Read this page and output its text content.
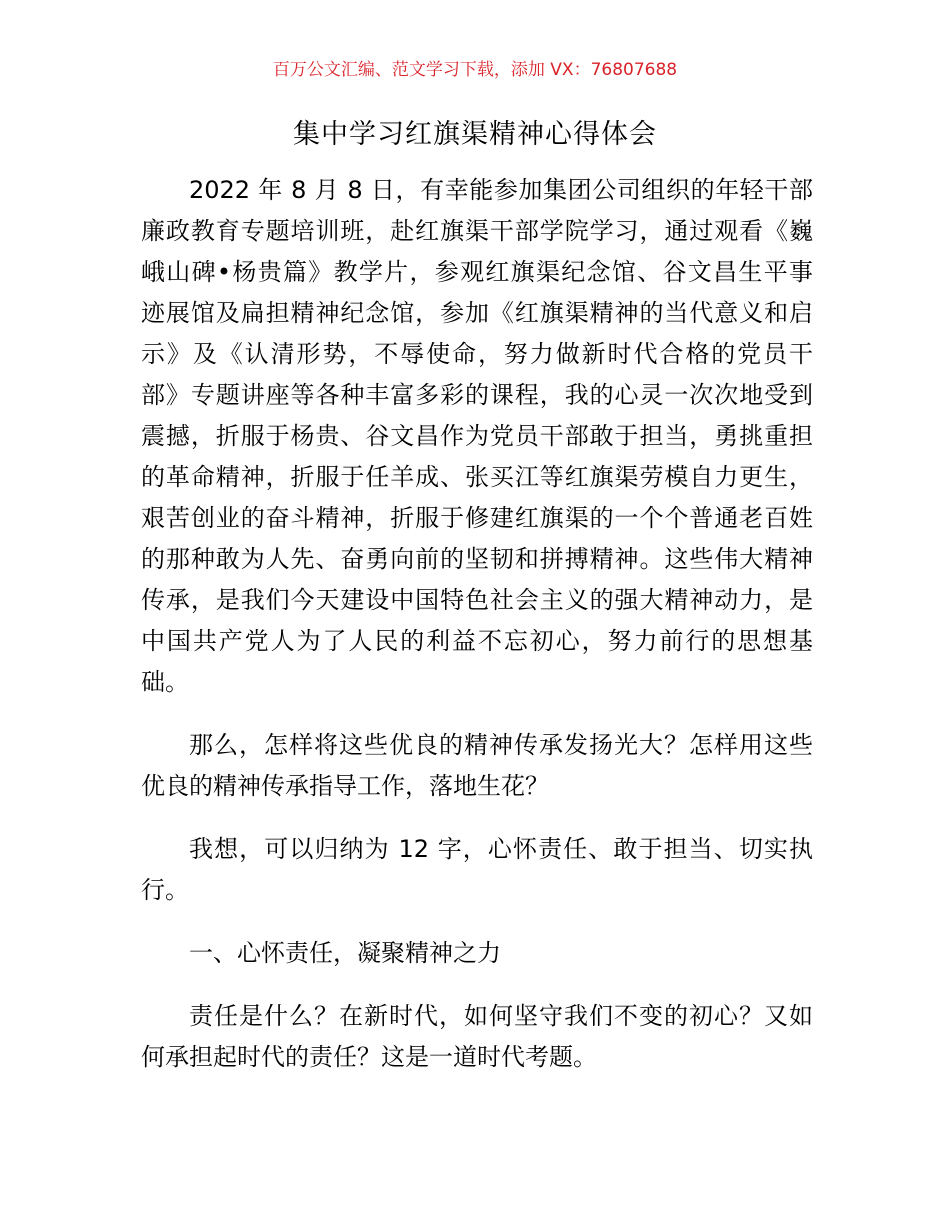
百万公文汇编、范文学习下载，添加 VX：76807688
集中学习红旗渠精神心得体会
2022 年 8 月 8 日，有幸能参加集团公司组织的年轻干部
廉政教育专题培训班，赴红旗渠干部学院学习，通过观看《巍
峨山碑•杨贵篇》教学片，参观红旗渠纪念馆、谷文昌生平事
迹展馆及扁担精神纪念馆，参加《红旗渠精神的当代意义和启
示》及《认清形势，不辱使命，努力做新时代合格的党员干
部》专题讲座等各种丰富多彩的课程，我的心灵一次次地受到
震撼，折服于杨贵、谷文昌作为党员干部敢于担当，勇挑重担
的革命精神，折服于任羊成、张买江等红旗渠劳模自力更生，
艰苦创业的奋斗精神，折服于修建红旗渠的一个个普通老百姓
的那种敢为人先、奋勇向前的坚韧和拼搏精神。这些伟大精神
传承，是我们今天建设中国特色社会主义的强大精神动力，是
中国共产党人为了人民的利益不忘初心，努力前行的思想基
础。
那么，怎样将这些优良的精神传承发扬光大？怎样用这些
优良的精神传承指导工作，落地生花？
我想，可以归纳为 12 字，心怀责任、敢于担当、切实执
行。
一、心怀责任，凝聚精神之力
责任是什么？在新时代，如何坚守我们不变的初心？又如
何承担起时代的责任？这是一道时代考题。
